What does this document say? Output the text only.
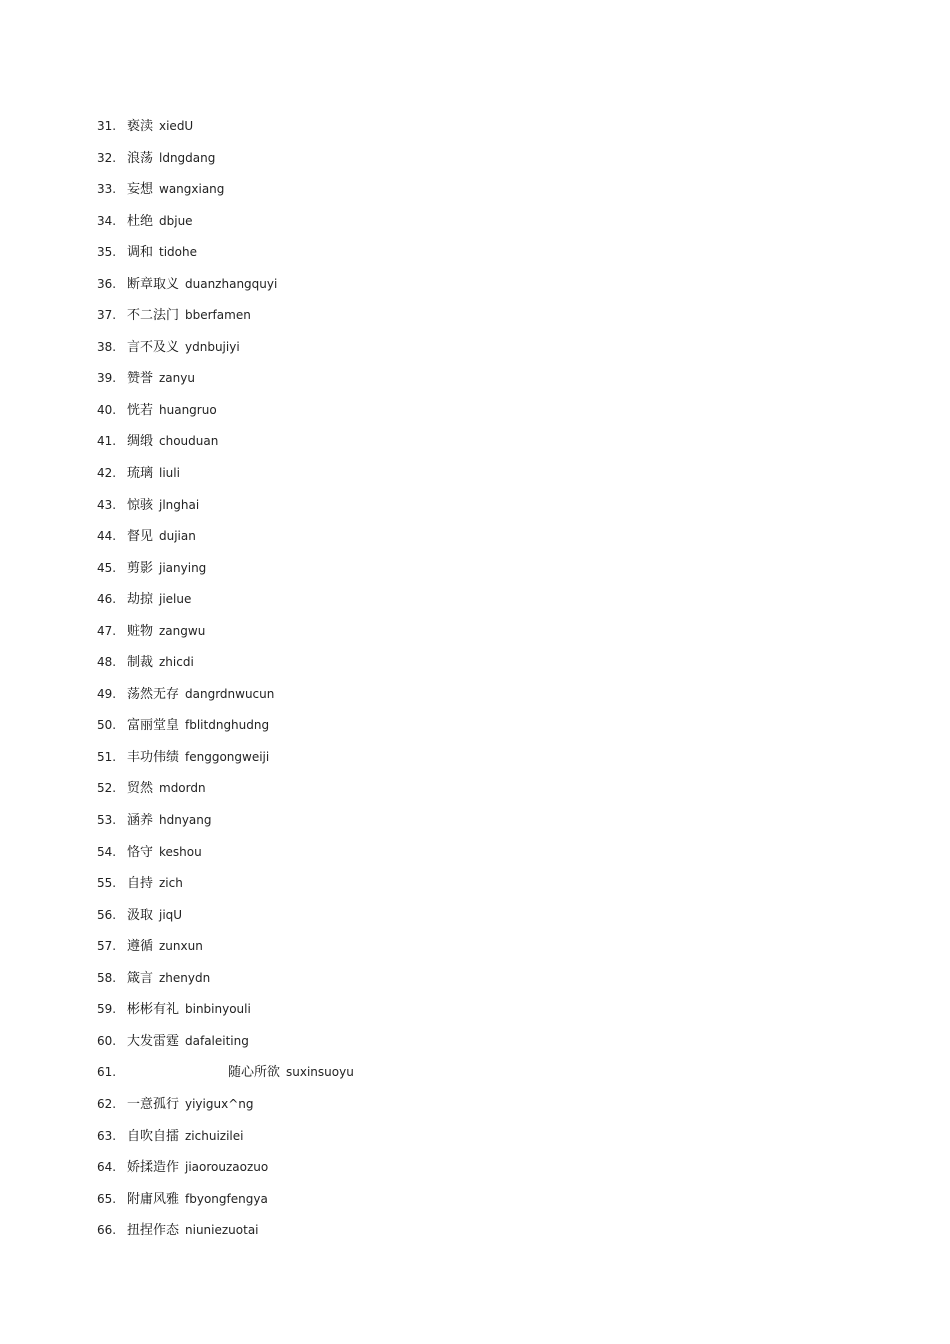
31. 亵渎 xiedU
32. 浪荡 ldngdang
33. 妄想 wangxiang
34. 杜绝 dbjue
35. 调和 tidohe
36. 断章取义 duanzhangquyi
37. 不二法门 bberfamen
38. 言不及义 ydnbujiyi
39. 赞誉 zanyu
40. 恍若 huangruo
41. 绸缎 chouduan
42. 琉璃 liuli
43. 惊骇 jlnghai
44. 督见 dujian
45. 剪影 jianying
46. 劫掠 jielue
47. 赃物 zangwu
48. 制裁 zhicdi
49. 荡然无存 dangrdnwucun
50. 富丽堂皇 fblitdnghudng
51. 丰功伟绩 fenggongweiji
52. 贸然 mdordn
53. 涵养 hdnyang
54. 恪守 keshou
55. 自持 zich
56. 汲取 jiqU
57. 遵循 zunxun
58. 箴言 zhenydn
59. 彬彬有礼 binbinyouli
60. 大发雷霆 dafaleiting
61.	随心所欲 suxinsuoyu
62. 一意孤行 yiyigux^ng
63. 自吹自擂 zichuizilei
64. 娇揉造作 jiaorouzaozuo
65. 附庸风雅 fbyongfengya
66. 扭捏作态 niuniezuotai
